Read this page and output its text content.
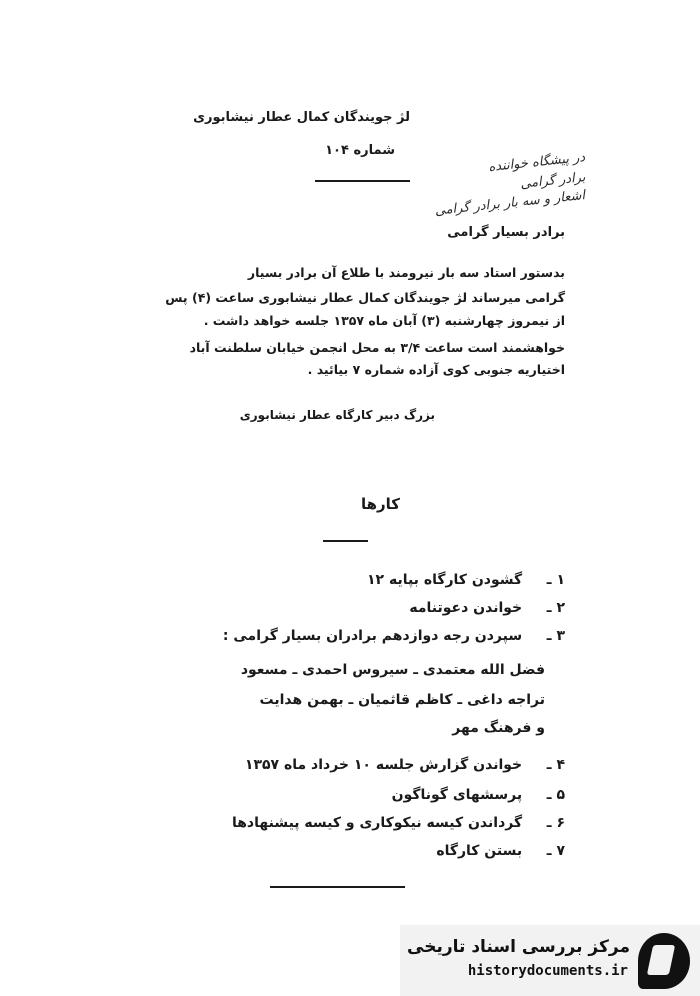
لژ جویندگان کمال عطار نیشابوری
شماره ۱۰۴	در پیشگاه خواننده
برادر گرامی
اشعار و سه بار برادر گرامی
برادر بسیار گرامی
بدستور استاد سه بار نیرومند با طلاع آن برادر بسیار
گرامی میرساند لژ جویندگان کمال عطار نیشابوری ساعت (۴) پس
از نیمروز چهارشنبه (۳) آبان ماه ۱۳۵۷ جلسه خواهد داشت .
خواهشمند است ساعت ۳/۴ به محل انجمن خیابان سلطنت آباد
اختیاریه جنوبی کوی آزاده شماره ۷ بیائید .
بزرگ دبیر کارگاه عطار نیشابوری
کارها
۱ ـ گشودن کارگاه بپایه ۱۲
۲ ـ خواندن دعوتنامه
۳ ـ سپردن رجه دوازدهم برادران بسیار گرامی :
فضل الله معتمدی ـ سیروس احمدی ـ مسعود
تراجه داغی ـ کاظم قاثمیان ـ بهمن هدایت
و فرهنگ مهر
۴ ـ خواندن گزارش جلسه ۱۰ خرداد ماه ۱۳۵۷
۵ ـ پرسشهای گوناگون
۶ ـ گرداندن کیسه نیکوکاری و کیسه پیشنهادها
۷ ـ بستن کارگاه
مرکز بررسی اسناد تاریخی
historydocuments.ir
